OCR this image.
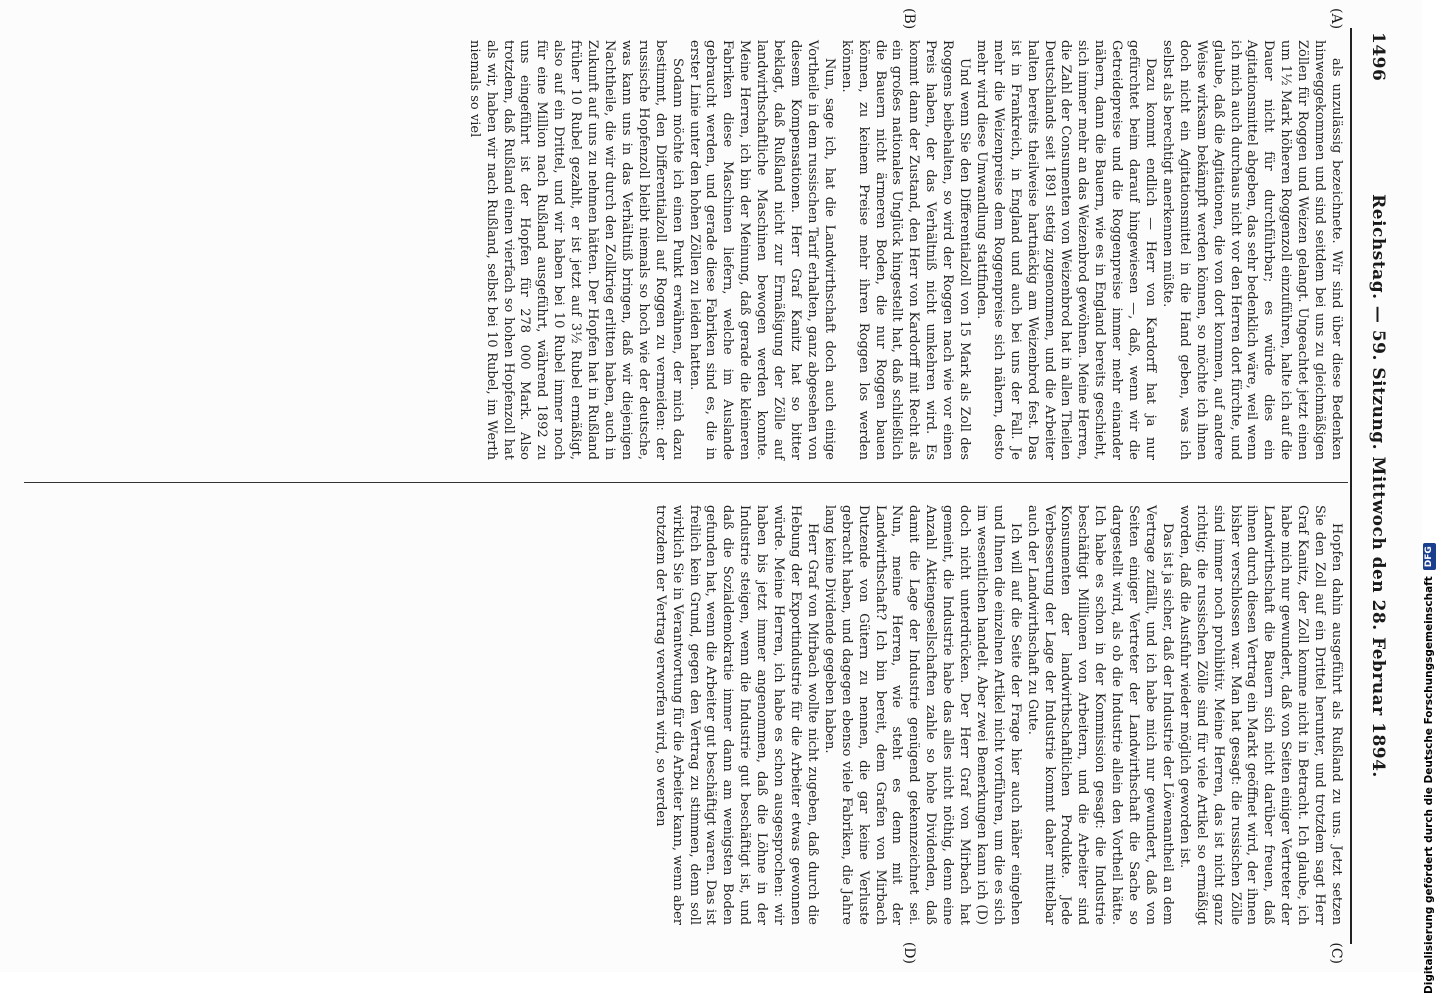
1496
Reichstag. — 59. Sitzung. Mittwoch den 28. Februar 1894.
(A)
(B)
(C)
(D)

als unzulässig bezeichnete. Wir sind über diese Bedenken hinweggekommen und sind seitdem bei uns zu gleichmäßigen Zöllen für Roggen und Weizen gelangt. Ungeachtet jetzt einen um 1½ Mark höheren Roggenzoll einzuführen, halte ich auf die Dauer nicht für durchführbar; es würde dies ein Agitationsmittel abgeben, das sehr bedenklich wäre, weil wenn ich mich auch durchaus nicht vor den Herren dort fürchte, und glaube, daß die Agitationen, die von dort kommen, auf andere Weise wirksam bekämpft werden können, so möchte ich ihnen doch nicht ein Agitationsmittel in die Hand geben, was ich selbst als berechtigt anerkennen müßte.

Dazu kommt endlich — Herr von Kardorff hat ja nur gefürchtet beim darauf hingewiesen —, daß, wenn wir die Getreidepreise und die Roggenpreise immer mehr einander nähern, dann die Bauern, wie es in England bereits geschieht, sich immer mehr an das Weizenbrod gewöhnen. Meine Herren, die Zahl der Consumenten von Weizenbrod hat in allen Theilen Deutschlands seit 1891 stetig zugenommen, und die Arbeiter halten bereits theilweise hartnäckig am Weizenbrod fest. Das ist in Frankreich, in England und auch bei uns der Fall. Je mehr die Weizenpreise dem Roggenpreise sich nähern, desto mehr wird diese Umwandlung stattfinden.

Und wenn Sie den Differentialzoll von 15 Mark als Zoll des Roggens beibehalten, so wird der Roggen nach wie vor einen Preis haben, der das Verhältniß nicht umkehren wird. Es kommt dann der Zustand, den Herr von Kardorff mit Recht als ein großes nationales Unglück hingestellt hat, daß schließlich die Bauern nicht ärmeren Boden, die nur Roggen bauen können, zu keinem Preise mehr ihren Roggen los werden können.

Nun, sage ich, hat die Landwirthschaft doch auch einige Vortheile in dem russischen Tarif erhalten, ganz abgesehen von diesem Kompensationen. Herr Graf Kanitz hat so bitter beklagt, daß Rußland nicht zur Ermäßigung der Zölle auf landwirthschaftliche Maschinen bewogen werden konnte. Meine Herren, ich bin der Meinung, daß gerade die kleineren Fabriken diese Maschinen liefern, welche im Auslande gebraucht werden, und gerade diese Fabriken sind es, die in erster Linie unter den hohen Zöllen zu leiden hatten.

Sodann möchte ich einen Punkt erwähnen, der mich dazu bestimmt, den Differentialzoll auf Roggen zu vermeiden: der russische Hopfenzoll bleibt niemals so hoch wie der deutsche, was kann uns in das Verhältniß bringen, daß wir diejenigen Nachtheile, die wir durch den Zollkrieg erlitten haben, auch in Zukunft auf uns zu nehmen hätten. Der Hopfen hat in Rußland früher 10 Rubel gezahlt, er ist jetzt auf 3½ Rubel ermäßigt, also auf ein Drittel, und wir haben bei 10 Rubel immer noch für eine Million nach Rußland ausgeführt, während 1892 zu uns eingeführt ist der Hopfen für 278 000 Mark. Also trotzdem, daß Rußland einen vierfach so hohen Hopfenzoll hat als wir, haben wir nach Rußland, selbst bei 10 Rubel, im Werth niemals so viel

Hopfen dahin ausgeführt als Rußland zu uns. Jetzt setzen Sie den Zoll auf ein Drittel herunter, und trotzdem sagt Herr Graf Kanitz, der Zoll komme nicht in Betracht. Ich glaube, ich habe mich nur gewundert, daß von Seiten einiger Vertreter der Landwirthschaft die Bauern sich nicht darüber freuen, daß ihnen durch diesen Vertrag ein Markt geöffnet wird, der ihnen bisher verschlossen war. Man hat gesagt: die russischen Zölle sind immer noch prohibitiv. Meine Herren, das ist nicht ganz richtig; die russischen Zölle sind für viele Artikel so ermäßigt worden, daß die Ausfuhr wieder möglich geworden ist.

Das ist ja sicher, daß der Industrie der Löwenantheil an dem Vertrage zufällt, und ich habe mich nur gewundert, daß von Seiten einiger Vertreter der Landwirthschaft die Sache so dargestellt wird, als ob die Industrie allein den Vortheil hätte. Ich habe es schon in der Kommission gesagt: die Industrie beschäftigt Millionen von Arbeitern, und die Arbeiter sind Konsumenten der landwirthschaftlichen Produkte. Jede Verbesserung der Lage der Industrie kommt daher mittelbar auch der Landwirthschaft zu Gute.

Ich will auf die Seite der Frage hier auch näher eingehen und Ihnen die einzelnen Artikel nicht vorführen, um die es sich im wesentlichen handelt. Aber zwei Bemerkungen kann ich (D) doch nicht unterdrücken. Der Herr Graf von Mirbach hat gemeint, die Industrie habe das alles nicht nöthig, denn eine Anzahl Aktiengesellschaften zahle so hohe Dividenden, daß damit die Lage der Industrie genügend gekennzeichnet sei. Nun, meine Herren, wie steht es denn mit der Landwirthschaft? Ich bin bereit, dem Grafen von Mirbach Dutzende von Gütern zu nennen, die gar keine Verluste gebracht haben, und dagegen ebenso viele Fabriken, die Jahre lang keine Dividende gegeben haben.

Herr Graf von Mirbach wollte nicht zugeben, daß durch die Hebung der Exportindustrie für die Arbeiter etwas gewonnen würde. Meine Herren, ich habe es schon ausgesprochen: wir haben bis jetzt immer angenommen, daß die Löhne in der Industrie steigen, wenn die Industrie gut beschäftigt ist, und daß die Sozialdemokratie immer dann am wenigsten Boden gefunden hat, wenn die Arbeiter gut beschäftigt waren. Das ist freilich kein Grund, gegen den Vertrag zu stimmen, denn soll wirklich Sie in Verantwortung für die Arbeiter kann, wenn aber trotzdem der Vertrag verworfen wird, so werden	Digitalisierung gefördert durch die Deutsche Forschungsgemeinschaft
DFG
